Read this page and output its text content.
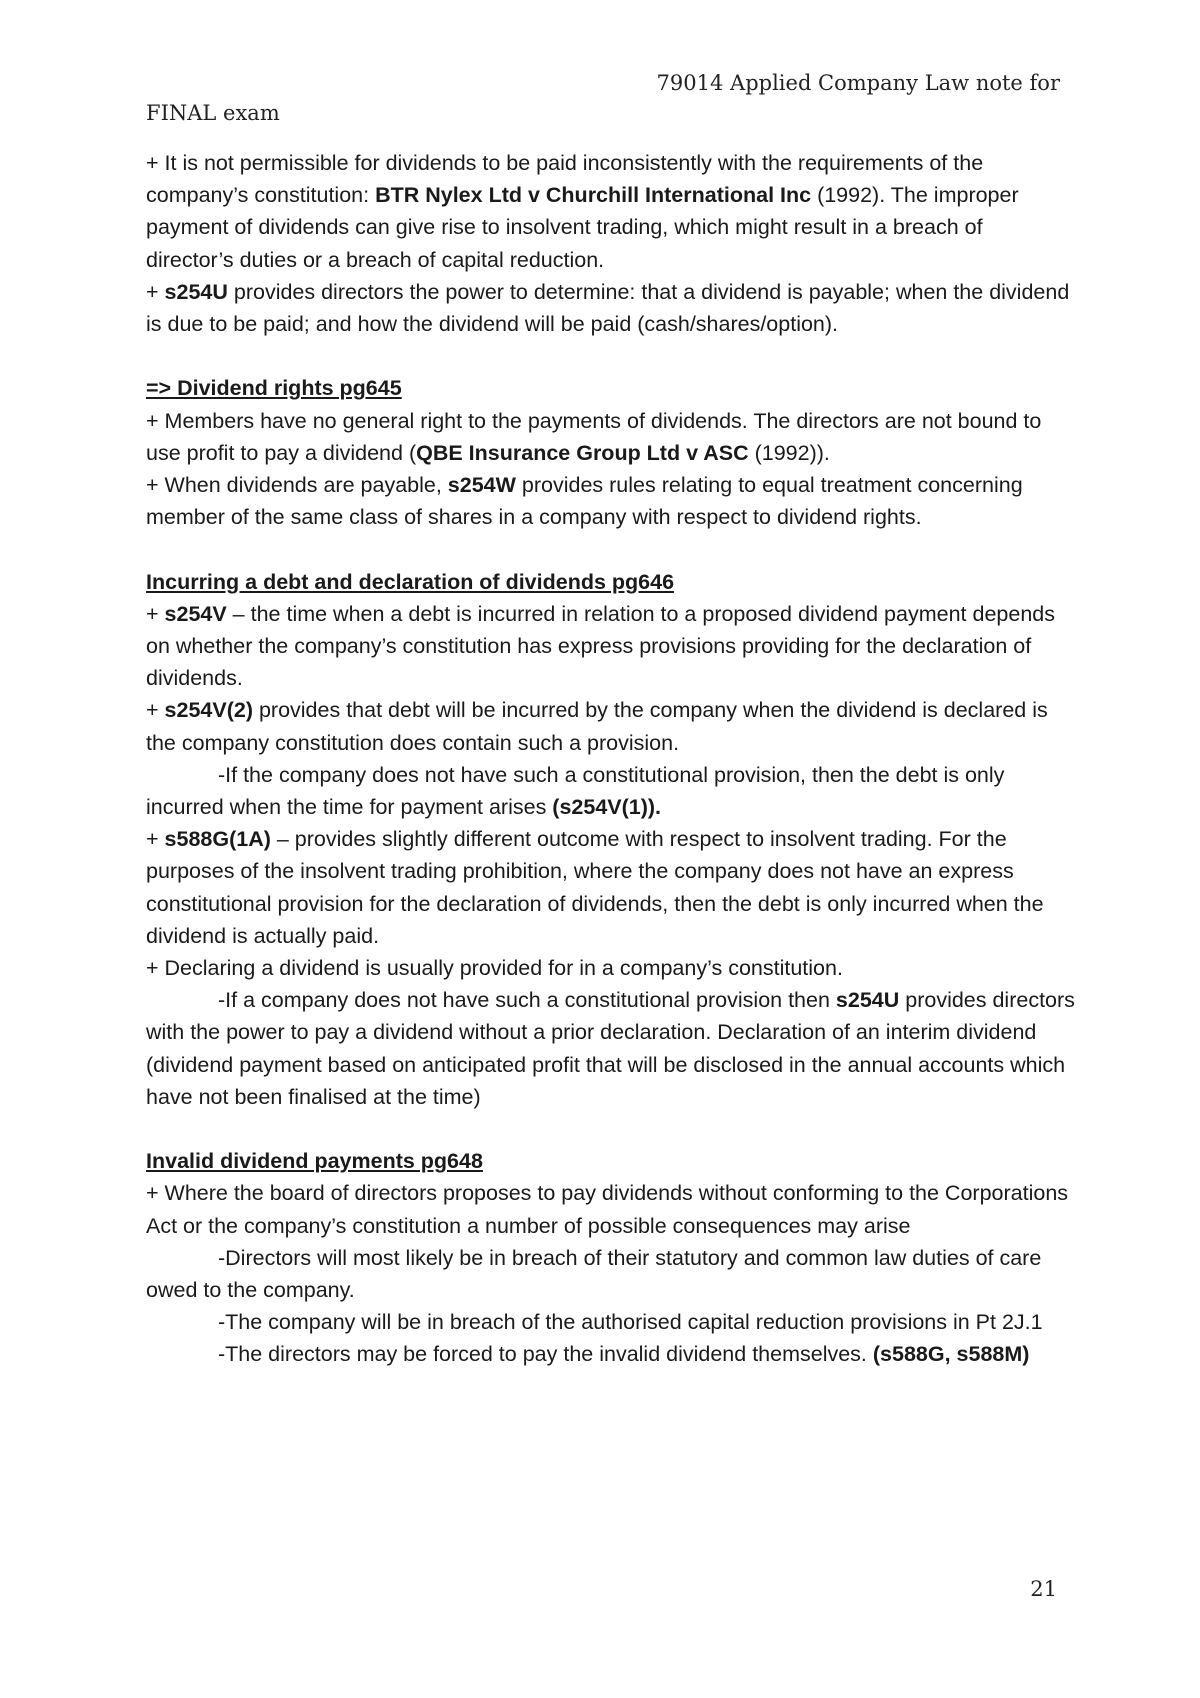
79014 Applied Company Law note for
FINAL exam

+ It is not permissible for dividends to be paid inconsistently with the requirements of the company’s constitution: BTR Nylex Ltd v Churchill International Inc (1992). The improper payment of dividends can give rise to insolvent trading, which might result in a breach of director’s duties or a breach of capital reduction.

+ s254U provides directors the power to determine: that a dividend is payable; when the dividend is due to be paid; and how the dividend will be paid (cash/shares/option).

=> Dividend rights pg645

+ Members have no general right to the payments of dividends. The directors are not bound to use profit to pay a dividend (QBE Insurance Group Ltd v ASC (1992)).

+ When dividends are payable, s254W provides rules relating to equal treatment concerning member of the same class of shares in a company with respect to dividend rights.

Incurring a debt and declaration of dividends pg646

+ s254V – the time when a debt is incurred in relation to a proposed dividend payment depends on whether the company’s constitution has express provisions providing for the declaration of dividends.

+ s254V(2) provides that debt will be incurred by the company when the dividend is declared is the company constitution does contain such a provision.

-If the company does not have such a constitutional provision, then the debt is only incurred when the time for payment arises (s254V(1)).

+ s588G(1A) – provides slightly different outcome with respect to insolvent trading. For the purposes of the insolvent trading prohibition, where the company does not have an express constitutional provision for the declaration of dividends, then the debt is only incurred when the dividend is actually paid.

+ Declaring a dividend is usually provided for in a company’s constitution.

-If a company does not have such a constitutional provision then s254U provides directors with the power to pay a dividend without a prior declaration. Declaration of an interim dividend (dividend payment based on anticipated profit that will be disclosed in the annual accounts which have not been finalised at the time)

Invalid dividend payments pg648

+ Where the board of directors proposes to pay dividends without conforming to the Corporations Act or the company’s constitution a number of possible consequences may arise

-Directors will most likely be in breach of their statutory and common law duties of care owed to the company.

-The company will be in breach of the authorised capital reduction provisions in Pt 2J.1

-The directors may be forced to pay the invalid dividend themselves. (s588G, s588M)

21
